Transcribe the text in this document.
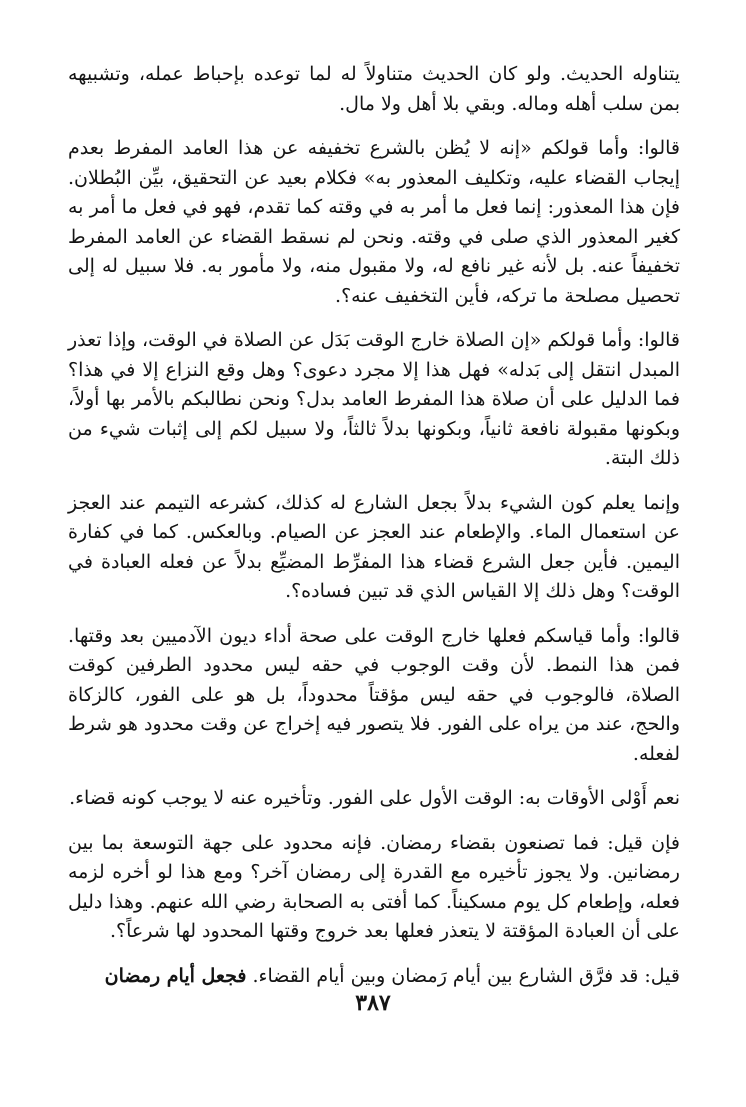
يتناوله الحديث. ولو كان الحديث متناولاً له لما توعده بإحباط عمله، وتشبيهه بمن سلب أهله وماله. وبقي بلا أهل ولا مال.

قالوا: وأما قولكم «إنه لا يُظن بالشرع تخفيفه عن هذا العامد المفرط بعدم إيجاب القضاء عليه، وتكليف المعذور به» فكلام بعيد عن التحقيق، بيِّن البُطلان. فإن هذا المعذور: إنما فعل ما أمر به في وقته كما تقدم، فهو في فعل ما أمر به كغير المعذور الذي صلى في وقته. ونحن لم نسقط القضاء عن العامد المفرط تخفيفاً عنه. بل لأنه غير نافع له، ولا مقبول منه، ولا مأمور به. فلا سبيل له إلى تحصيل مصلحة ما تركه، فأين التخفيف عنه؟.

قالوا: وأما قولكم «إن الصلاة خارج الوقت بَدَل عن الصلاة في الوقت، وإذا تعذر المبدل انتقل إلى بَدله» فهل هذا إلا مجرد دعوى؟ وهل وقع النزاع إلا في هذا؟ فما الدليل على أن صلاة هذا المفرط العامد بدل؟ ونحن نطالبكم بالأمر بها أولاً، وبكونها مقبولة نافعة ثانياً، وبكونها بدلاً ثالثاً، ولا سبيل لكم إلى إثبات شيء من ذلك البتة.

وإنما يعلم كون الشيء بدلاً بجعل الشارع له كذلك، كشرعه التيمم عند العجز عن استعمال الماء. والإطعام عند العجز عن الصيام. وبالعكس. كما في كفارة اليمين. فأين جعل الشرع قضاء هذا المفرِّط المضيِّع بدلاً عن فعله العبادة في الوقت؟ وهل ذلك إلا القياس الذي قد تبين فساده؟.

قالوا: وأما قياسكم فعلها خارج الوقت على صحة أداء ديون الآدميين بعد وقتها. فمن هذا النمط. لأن وقت الوجوب في حقه ليس محدود الطرفين كوقت الصلاة، فالوجوب في حقه ليس مؤقتاً محدوداً، بل هو على الفور، كالزكاة والحج، عند من يراه على الفور. فلا يتصور فيه إخراج عن وقت محدود هو شرط لفعله.

نعم أَوْلى الأوقات به: الوقت الأول على الفور. وتأخيره عنه لا يوجب كونه قضاء.

فإن قيل: فما تصنعون بقضاء رمضان. فإنه محدود على جهة التوسعة بما بين رمضانين. ولا يجوز تأخيره مع القدرة إلى رمضان آخر؟ ومع هذا لو أخره لزمه فعله، وإطعام كل يوم مسكيناً. كما أفتى به الصحابة رضي الله عنهم. وهذا دليل على أن العبادة المؤقتة لا يتعذر فعلها بعد خروج وقتها المحدود لها شرعاً؟.

قيل: قد فرَّق الشارع بين أيام رَمضان وبين أيام القضاء. فجعل أيام رمضان

٣٨٧
